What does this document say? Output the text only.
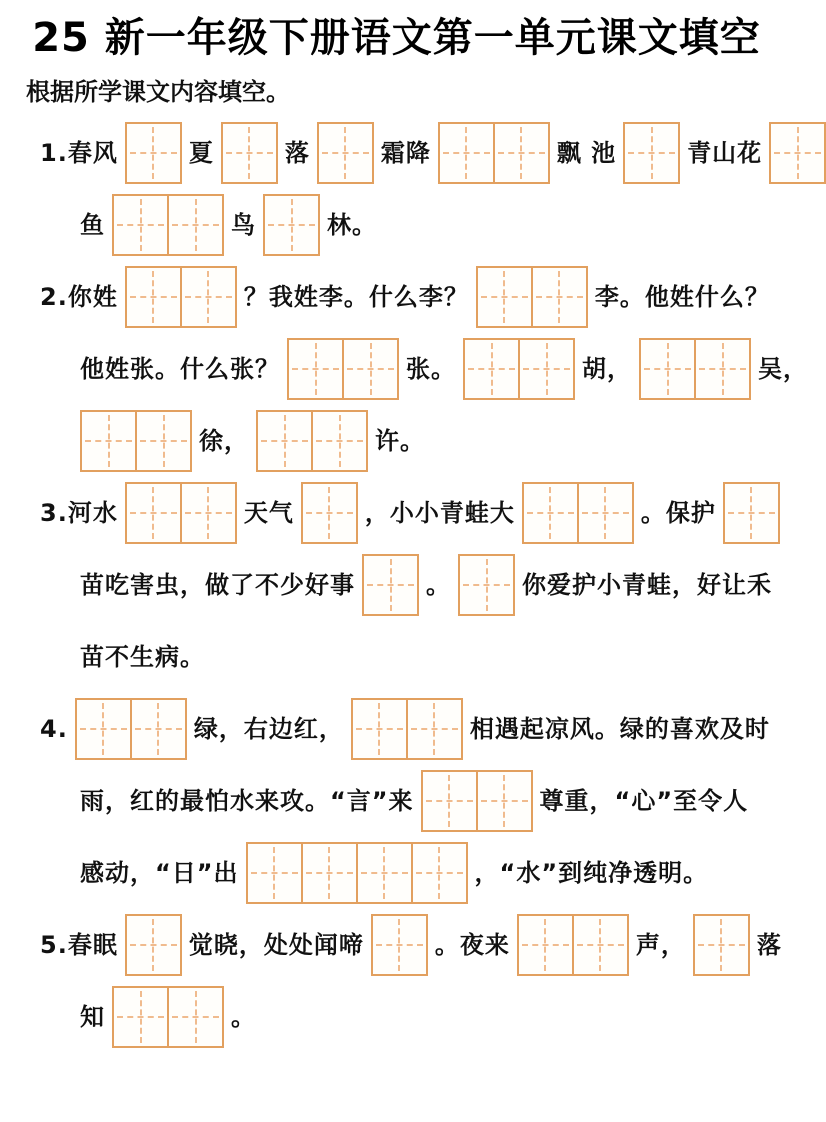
25 新一年级下册语文第一单元课文填空
根据所学课文内容填空。
1.春风	夏	落	霜降	飘 池	青山花
鱼	鸟	林。
2.你姓	？我姓李。什么李？	李。他姓什么？
他姓张。什么张？	张。	胡，	吴，
徐，	许。
3.河水	天气	，小小青蛙大	。保护
苗吃害虫，做了不少好事	。	你爱护小青蛙，好让禾
苗不生病。
4.	绿，右边红，	相遇起凉风。绿的喜欢及时
雨，红的最怕水来攻。“言”来	尊重，“心”至令人
感动，“日”出	，“水”到纯净透明。
5.春眠	觉晓，处处闻啼	。夜来	声，	落
知	。
